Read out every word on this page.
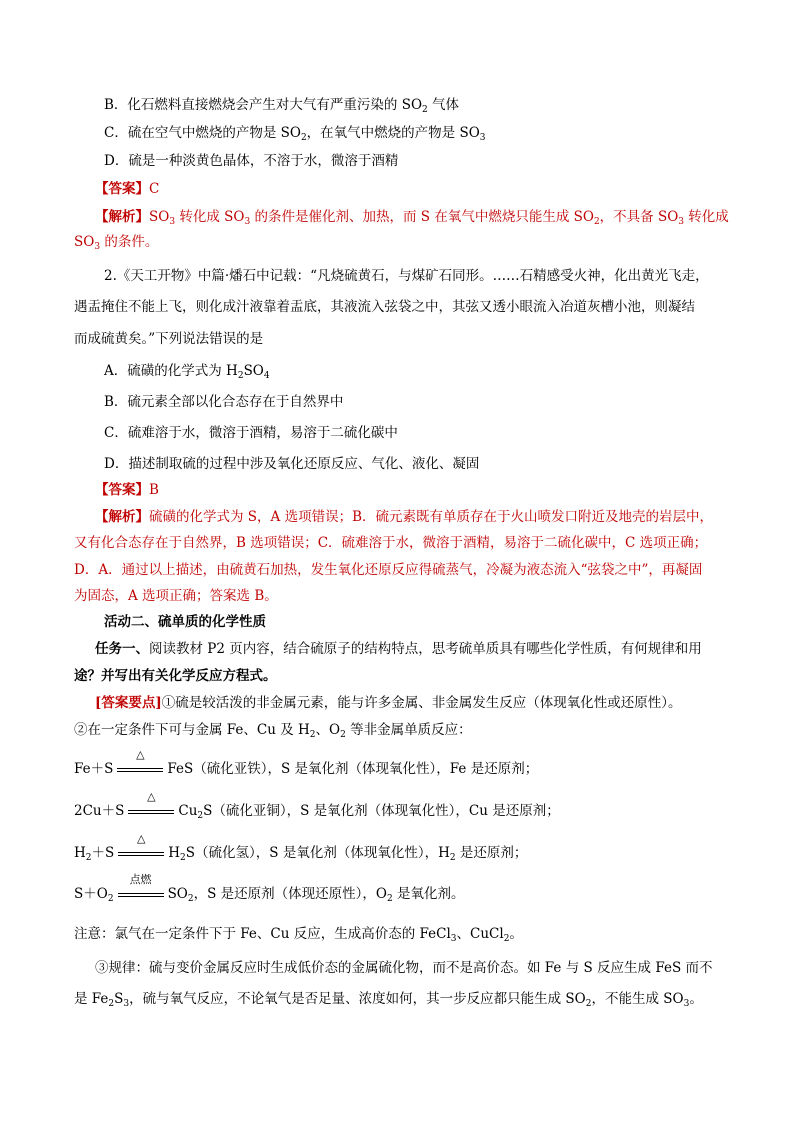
B．化石燃料直接燃烧会产生对大气有严重污染的 $SO_2$ 气体
C．硫在空气中燃烧的产物是 $SO_2$，在氧气中燃烧的产物是 $SO_3$
D．硫是一种淡黄色晶体，不溶于水，微溶于酒精
【答案】C
【解析】$SO_3$ 转化成 $SO_3$ 的条件是催化剂、加热，而 S 在氧气中燃烧只能生成 $SO_2$，不具备 $SO_3$ 转化成
$SO_3$ 的条件。
2.《天工开物》中篇·燔石中记载：“凡烧硫黄石，与煤矿石同形。……石精感受火神，化出黄光飞走，
遇盂掩住不能上飞，则化成汁液靠着盂底，其液流入弦袋之中，其弦又透小眼流入冶道灰槽小池，则凝结
而成硫黄矣。”下列说法错误的是
A．硫磺的化学式为 $H_2SO_4$
B．硫元素全部以化合态存在于自然界中
C．硫难溶于水，微溶于酒精，易溶于二硫化碳中
D．描述制取硫的过程中涉及氧化还原反应、气化、液化、凝固
【答案】B
【解析】硫磺的化学式为 S，A 选项错误；B．硫元素既有单质存在于火山喷发口附近及地壳的岩层中，
又有化合态存在于自然界，B 选项错误；C．硫难溶于水，微溶于酒精，易溶于二硫化碳中，C 选项正确；
D．A．通过以上描述，由硫黄石加热，发生氧化还原反应得硫蒸气，冷凝为液态流入“弦袋之中”，再凝固
为固态，A 选项正确；答案选 B。
活动二、硫单质的化学性质
任务一、阅读教材 P2 页内容，结合硫原子的结构特点，思考硫单质具有哪些化学性质，有何规律和用
途？并写出有关化学反应方程式。
[答案要点]①硫是较活泼的非金属元素，能与许多金属、非金属发生反应（体现氧化性或还原性）。
②在一定条件下可与金属 Fe、Cu 及 $H_2$、$O_2$ 等非金属单质反应：
Fe＋S
△
FeS（硫化亚铁），S 是氧化剂（体现氧化性），Fe 是还原剂；
2Cu＋S
△
$Cu_2S$（硫化亚铜），S 是氧化剂（体现氧化性），Cu 是还原剂；
$H_2+S$
△
$H_2S$（硫化氢），S 是氧化剂（体现氧化性），$H_2$ 是还原剂；
$S+O_2$
点燃
$SO_2$，S 是还原剂（体现还原性），$O_2$ 是氧化剂。
注意：氯气在一定条件下于 Fe、Cu 反应，生成高价态的 FeCl$_3$、CuCl$_2$。
③规律：硫与变价金属反应时生成低价态的金属硫化物，而不是高价态。如 Fe 与 S 反应生成 FeS 而不
是 $Fe_2S_3$，硫与氧气反应，不论氧气是否足量、浓度如何，其一步反应都只能生成 $SO_2$，不能生成 $SO_3$。
